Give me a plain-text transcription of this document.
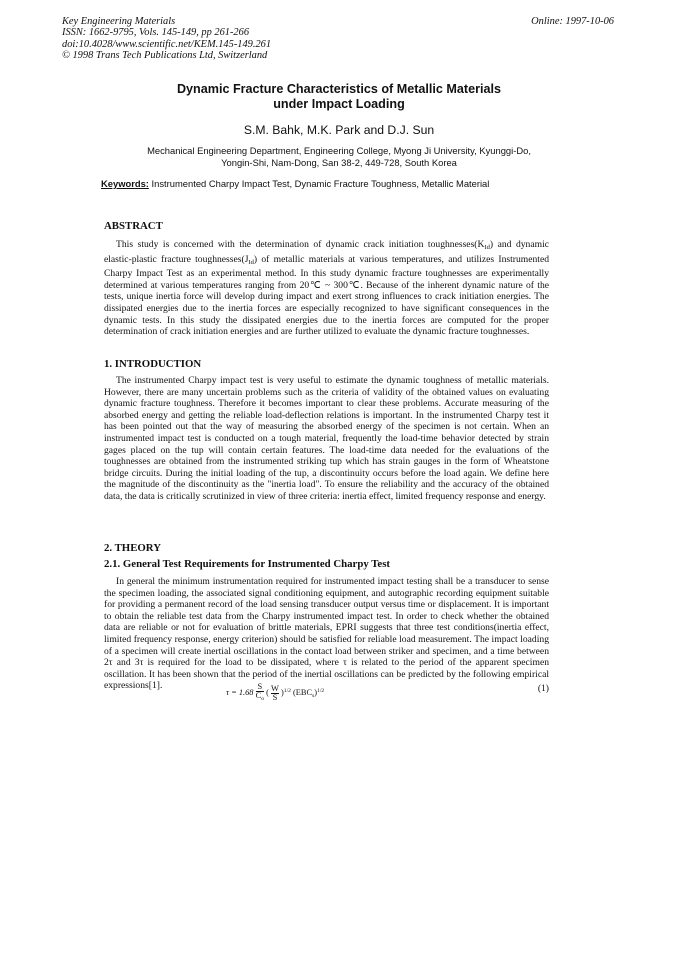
Key Engineering Materials
ISSN: 1662-9795, Vols. 145-149, pp 261-266
doi:10.4028/www.scientific.net/KEM.145-149.261
© 1998 Trans Tech Publications Ltd, Switzerland
Online: 1997-10-06
Dynamic Fracture Characteristics of Metallic Materials
under Impact Loading
S.M. Bahk, M.K. Park and D.J. Sun
Mechanical Engineering Department, Engineering College, Myong Ji University, Kyunggi-Do,
Yongin-Shi, Nam-Dong, San 38-2, 449-728, South Korea
Keywords: Instrumented Charpy Impact Test, Dynamic Fracture Toughness, Metallic Material
ABSTRACT

This study is concerned with the determination of dynamic crack initiation $toughnesses(K_{Id})$ and dynamic elastic-plastic fracture $toughnesses(J_{Id})$ of metallic materials at various temperatures, and utilizes Instrumented Charpy Impact Test as an experimental method. In this study dynamic fracture toughnesses are experimentally determined at various temperatures ranging from 20℃ ~ 300℃. Because of the inherent dynamic nature of the tests, unique inertia force will develop during impact and exert strong influences to crack initiation energies. The dissipated energies due to the inertia forces are especially recognized to have significant consequences in the dynamic tests. In this study the dissipated energies due to the inertia forces are computed for the proper determination of crack initiation energies and are further utilized to evaluate the dynamic fracture toughnesses.

1. INTRODUCTION

The instrumented Charpy impact test is very useful to estimate the dynamic toughness of metallic materials. However, there are many uncertain problems such as the criteria of validity of the obtained values on evaluating dynamic fracture toughness. Therefore it becomes important to clear these problems. Accurate measuring of the absorbed energy and getting the reliable load-deflection relations is important. In the instrumented Charpy test it has been pointed out that the way of measuring the absorbed energy of the specimen is not certain. When an instrumented impact test is conducted on a tough material, frequently the load-time behavior detected by strain gages placed on the tup will contain certain features. The load-time data needed for the evaluations of the toughnesses are obtained from the instrumented striking tup which has strain gauges in the form of Wheatstone bridge circuits. During the initial loading of the tup, a discontinuity occurs before the load again. We define here the magnitude of the discontinuity as the "inertia load". To ensure the reliability and the accuracy of the obtained data, the data is critically scrutinized in view of three criteria: inertia effect, limited frequency response and energy.

2. THEORY
2.1. General Test Requirements for Instrumented Charpy Test

In general the minimum instrumentation required for instrumented impact testing shall be a transducer to sense the specimen loading, the associated signal conditioning equipment, and autographic recording equipment suitable for providing a permanent record of the load sensing transducer output versus time or displacement. It is important to obtain the reliable test data from the Charpy instrumented impact test. In order to check whether the obtained data are reliable or not for evaluation of brittle materials, EPRI suggests that three test conditions(inertia effect, limited frequency response, energy criterion) should be satisfied for reliable load measurement. The impact loading of a specimen will create inertial oscillations in the contact load between striker and specimen, and a time between 2τ and 3τ is required for the load to be dissipated, where τ is related to the period of the apparent specimen oscillation. It has been shown that the period of the inertial oscillations can be predicted by the following empirical expressions[1].

$\tau = 1.68 \frac{S}{C_o}$ ( $\frac{W}{S} )^{1/2}$ $(EBC_s)^{1/2}$	(1)
